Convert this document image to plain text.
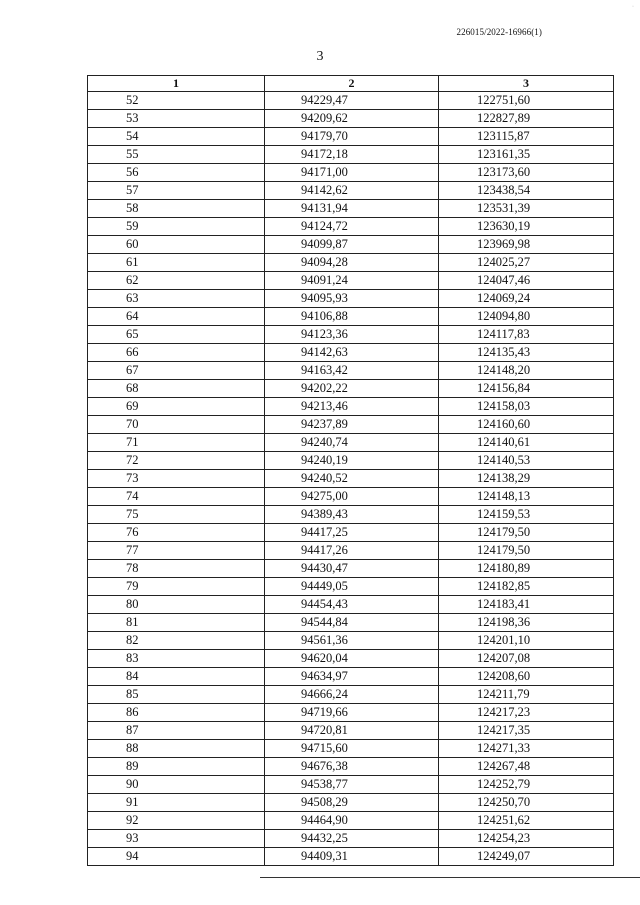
·
226015/2022-16966(1)
3
1	2	3
52	94229,47	122751,60
53	94209,62	122827,89
54	94179,70	123115,87
55	94172,18	123161,35
56	94171,00	123173,60
57	94142,62	123438,54
58	94131,94	123531,39
59	94124,72	123630,19
60	94099,87	123969,98
61	94094,28	124025,27
62	94091,24	124047,46
63	94095,93	124069,24
64	94106,88	124094,80
65	94123,36	124117,83
66	94142,63	124135,43
67	94163,42	124148,20
68	94202,22	124156,84
69	94213,46	124158,03
70	94237,89	124160,60
71	94240,74	124140,61
72	94240,19	124140,53
73	94240,52	124138,29
74	94275,00	124148,13
75	94389,43	124159,53
76	94417,25	124179,50
77	94417,26	124179,50
78	94430,47	124180,89
79	94449,05	124182,85
80	94454,43	124183,41
81	94544,84	124198,36
82	94561,36	124201,10
83	94620,04	124207,08
84	94634,97	124208,60
85	94666,24	124211,79
86	94719,66	124217,23
87	94720,81	124217,35
88	94715,60	124271,33
89	94676,38	124267,48
90	94538,77	124252,79
91	94508,29	124250,70
92	94464,90	124251,62
93	94432,25	124254,23
94	94409,31	124249,07
